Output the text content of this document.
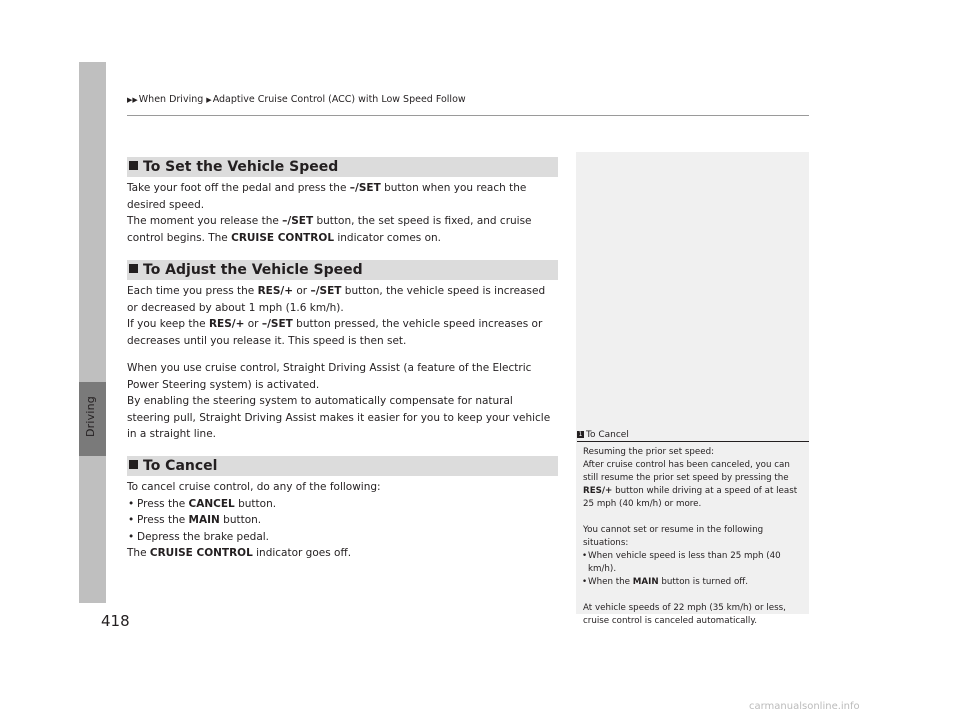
Driving
418
▶▶When Driving ▶Adaptive Cruise Control (ACC) with Low Speed Follow
To Set the Vehicle Speed
Take your foot off the pedal and press the –/SET button when you reach the desired speed.
The moment you release the –/SET button, the set speed is fixed, and cruise control begins. The CRUISE CONTROL indicator comes on.
To Adjust the Vehicle Speed
Each time you press the RES/+ or –/SET button, the vehicle speed is increased or decreased by about 1 mph (1.6 km/h).
If you keep the RES/+ or –/SET button pressed, the vehicle speed increases or decreases until you release it. This speed is then set.
When you use cruise control, Straight Driving Assist (a feature of the Electric Power Steering system) is activated.
By enabling the steering system to automatically compensate for natural steering pull, Straight Driving Assist makes it easier for you to keep your vehicle in a straight line.
To Cancel
To cancel cruise control, do any of the following:
• Press the CANCEL button.
• Press the MAIN button.
• Depress the brake pedal.
The CRUISE CONTROL indicator goes off.
1 To Cancel
Resuming the prior set speed:
After cruise control has been canceled, you can still resume the prior set speed by pressing the RES/+ button while driving at a speed of at least 25 mph (40 km/h) or more.
You cannot set or resume in the following situations:
• When vehicle speed is less than 25 mph (40 km/h).
• When the MAIN button is turned off.
At vehicle speeds of 22 mph (35 km/h) or less, cruise control is canceled automatically.
carmanualsonline.info
